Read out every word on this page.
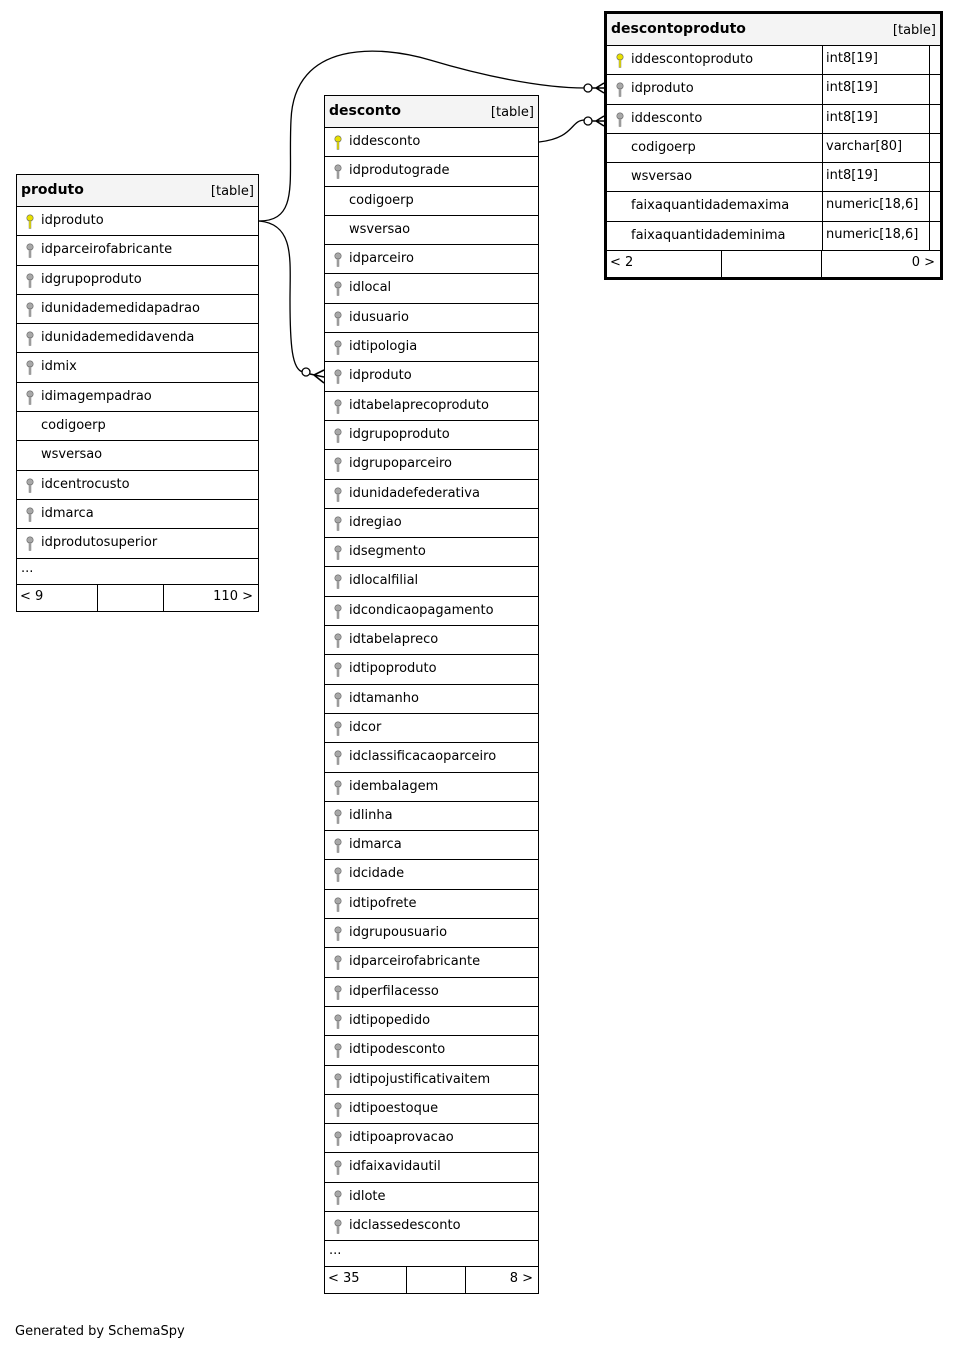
produto	[table]
idproduto
idparceirofabricante
idgrupoproduto
idunidademedidapadrao
idunidademedidavenda
idmix
idimagempadrao
codigoerp
wsversao
idcentrocusto
idmarca
idprodutosuperior
...
< 9	110 >
desconto	[table]
iddesconto
idprodutograde
codigoerp
wsversao
idparceiro
idlocal
idusuario
idtipologia
idproduto
idtabelaprecoproduto
idgrupoproduto
idgrupoparceiro
idunidadefederativa
idregiao
idsegmento
idlocalfilial
idcondicaopagamento
idtabelapreco
idtipoproduto
idtamanho
idcor
idclassificacaoparceiro
idembalagem
idlinha
idmarca
idcidade
idtipofrete
idgrupousuario
idparceirofabricante
idperfilacesso
idtipopedido
idtipodesconto
idtipojustificativaitem
idtipoestoque
idtipoaprovacao
idfaixavidautil
idlote
idclassedesconto
...
< 35	8 >
descontoproduto	[table]
iddescontoproduto	int8[19]
idproduto	int8[19]
iddesconto	int8[19]
codigoerp	varchar[80]
wsversao	int8[19]
faixaquantidademaxima	numeric[18,6]
faixaquantidademinima	numeric[18,6]
< 2	0 >
Generated by SchemaSpy
